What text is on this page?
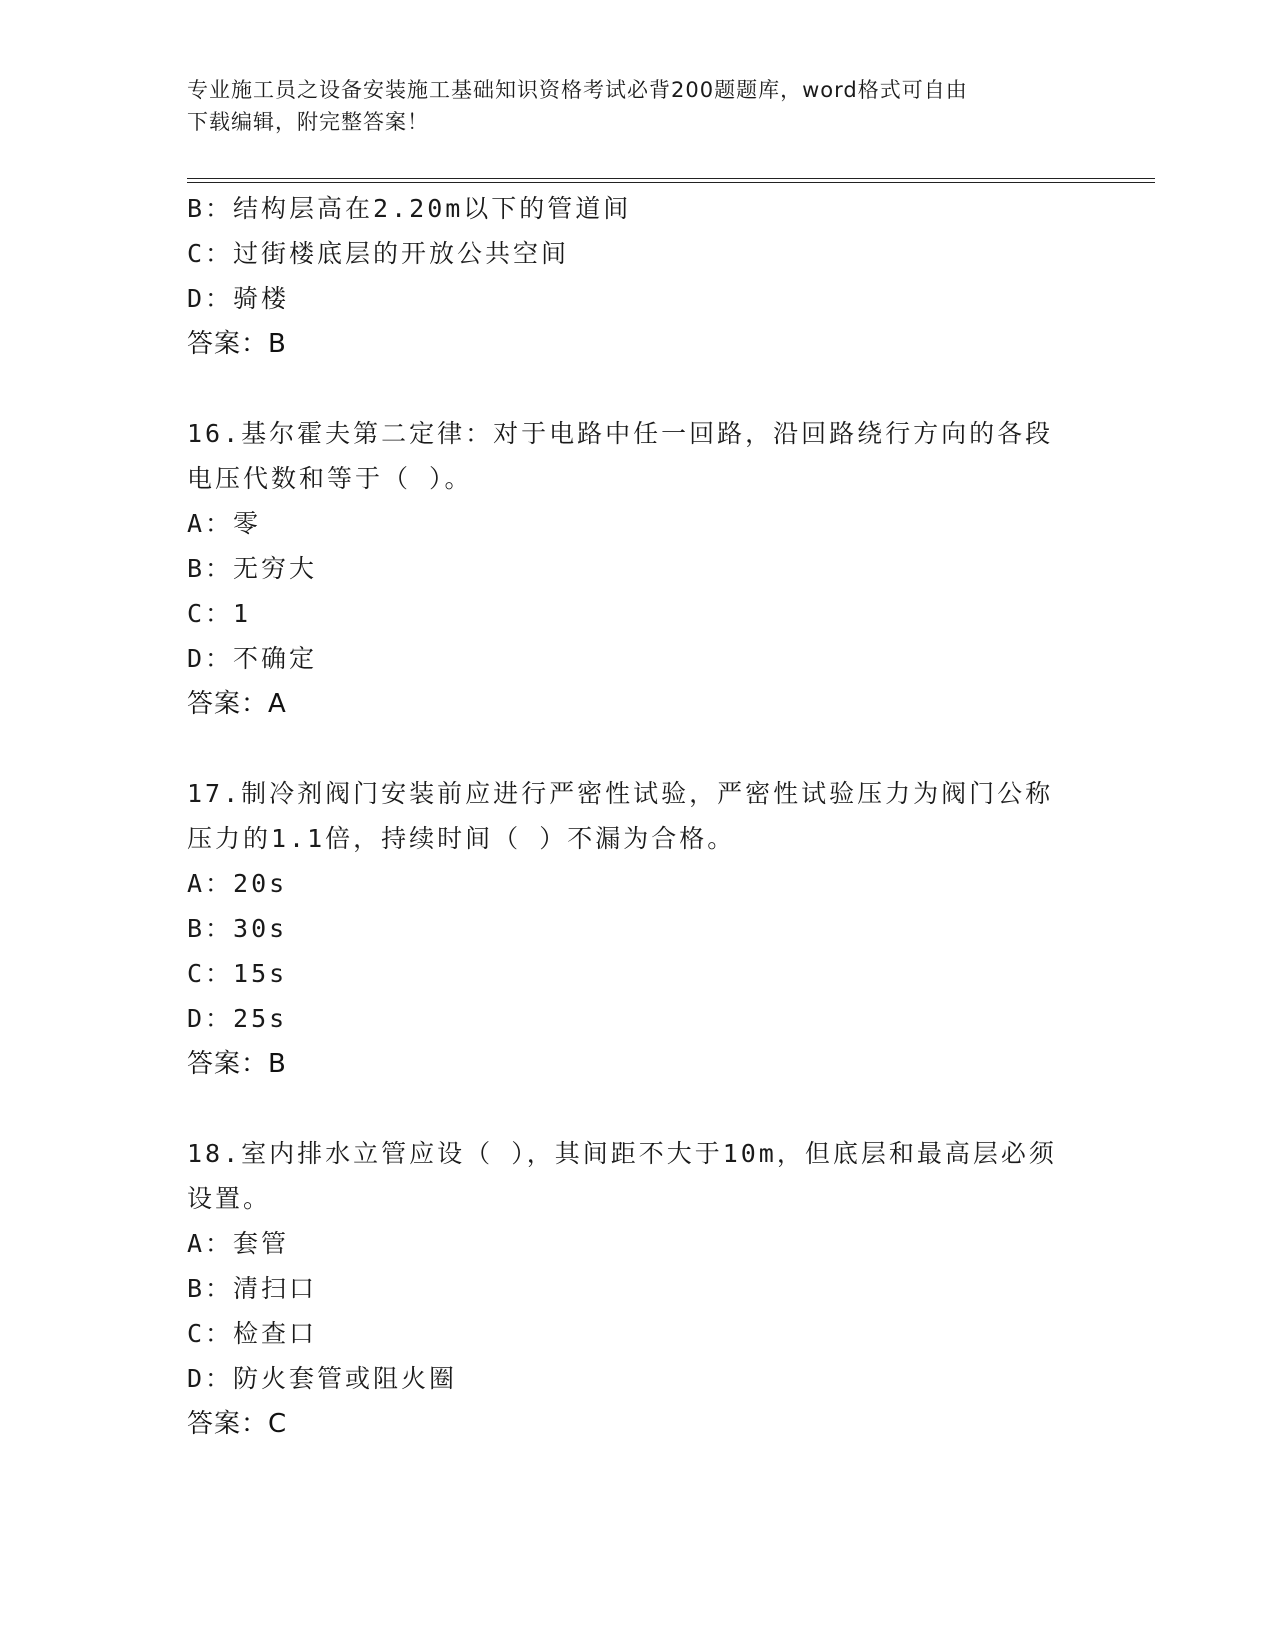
专业施工员之设备安装施工基础知识资格考试必背200题题库，word格式可自由
下载编辑，附完整答案！
B：结构层高在2.20m以下的管道间
C：过街楼底层的开放公共空间
D：骑楼
答案：B
16.基尔霍夫第二定律：对于电路中任一回路，沿回路绕行方向的各段
电压代数和等于（ ）。
A：零
B：无穷大
C：1
D：不确定
答案：A
17.制冷剂阀门安装前应进行严密性试验，严密性试验压力为阀门公称
压力的1.1倍，持续时间（ ）不漏为合格。
A：20s
B：30s
C：15s
D：25s
答案：B
18.室内排水立管应设（ ），其间距不大于10m，但底层和最高层必须
设置。
A：套管
B：清扫口
C：检查口
D：防火套管或阻火圈
答案：C
